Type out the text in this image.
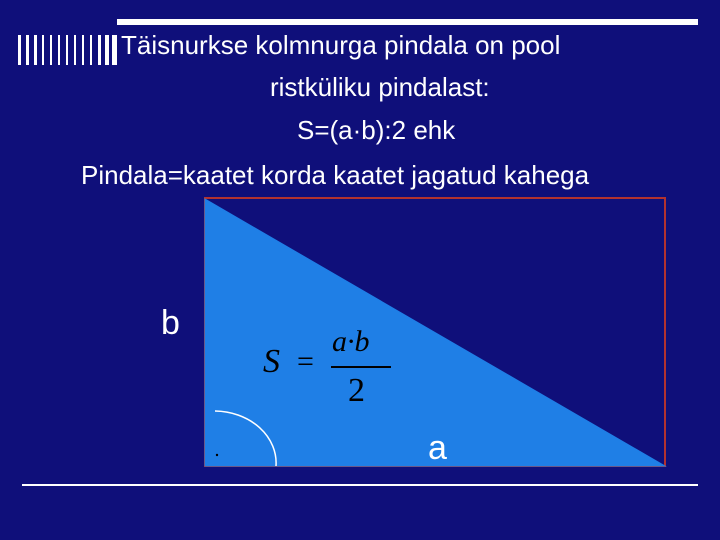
Täisnurkse kolmnurga pindala on pool
ristküliku pindalast:
S=(a·b):2 ehk
Pindala=kaatet korda kaatet jagatud kahega
b
a
S =
a·b
2
